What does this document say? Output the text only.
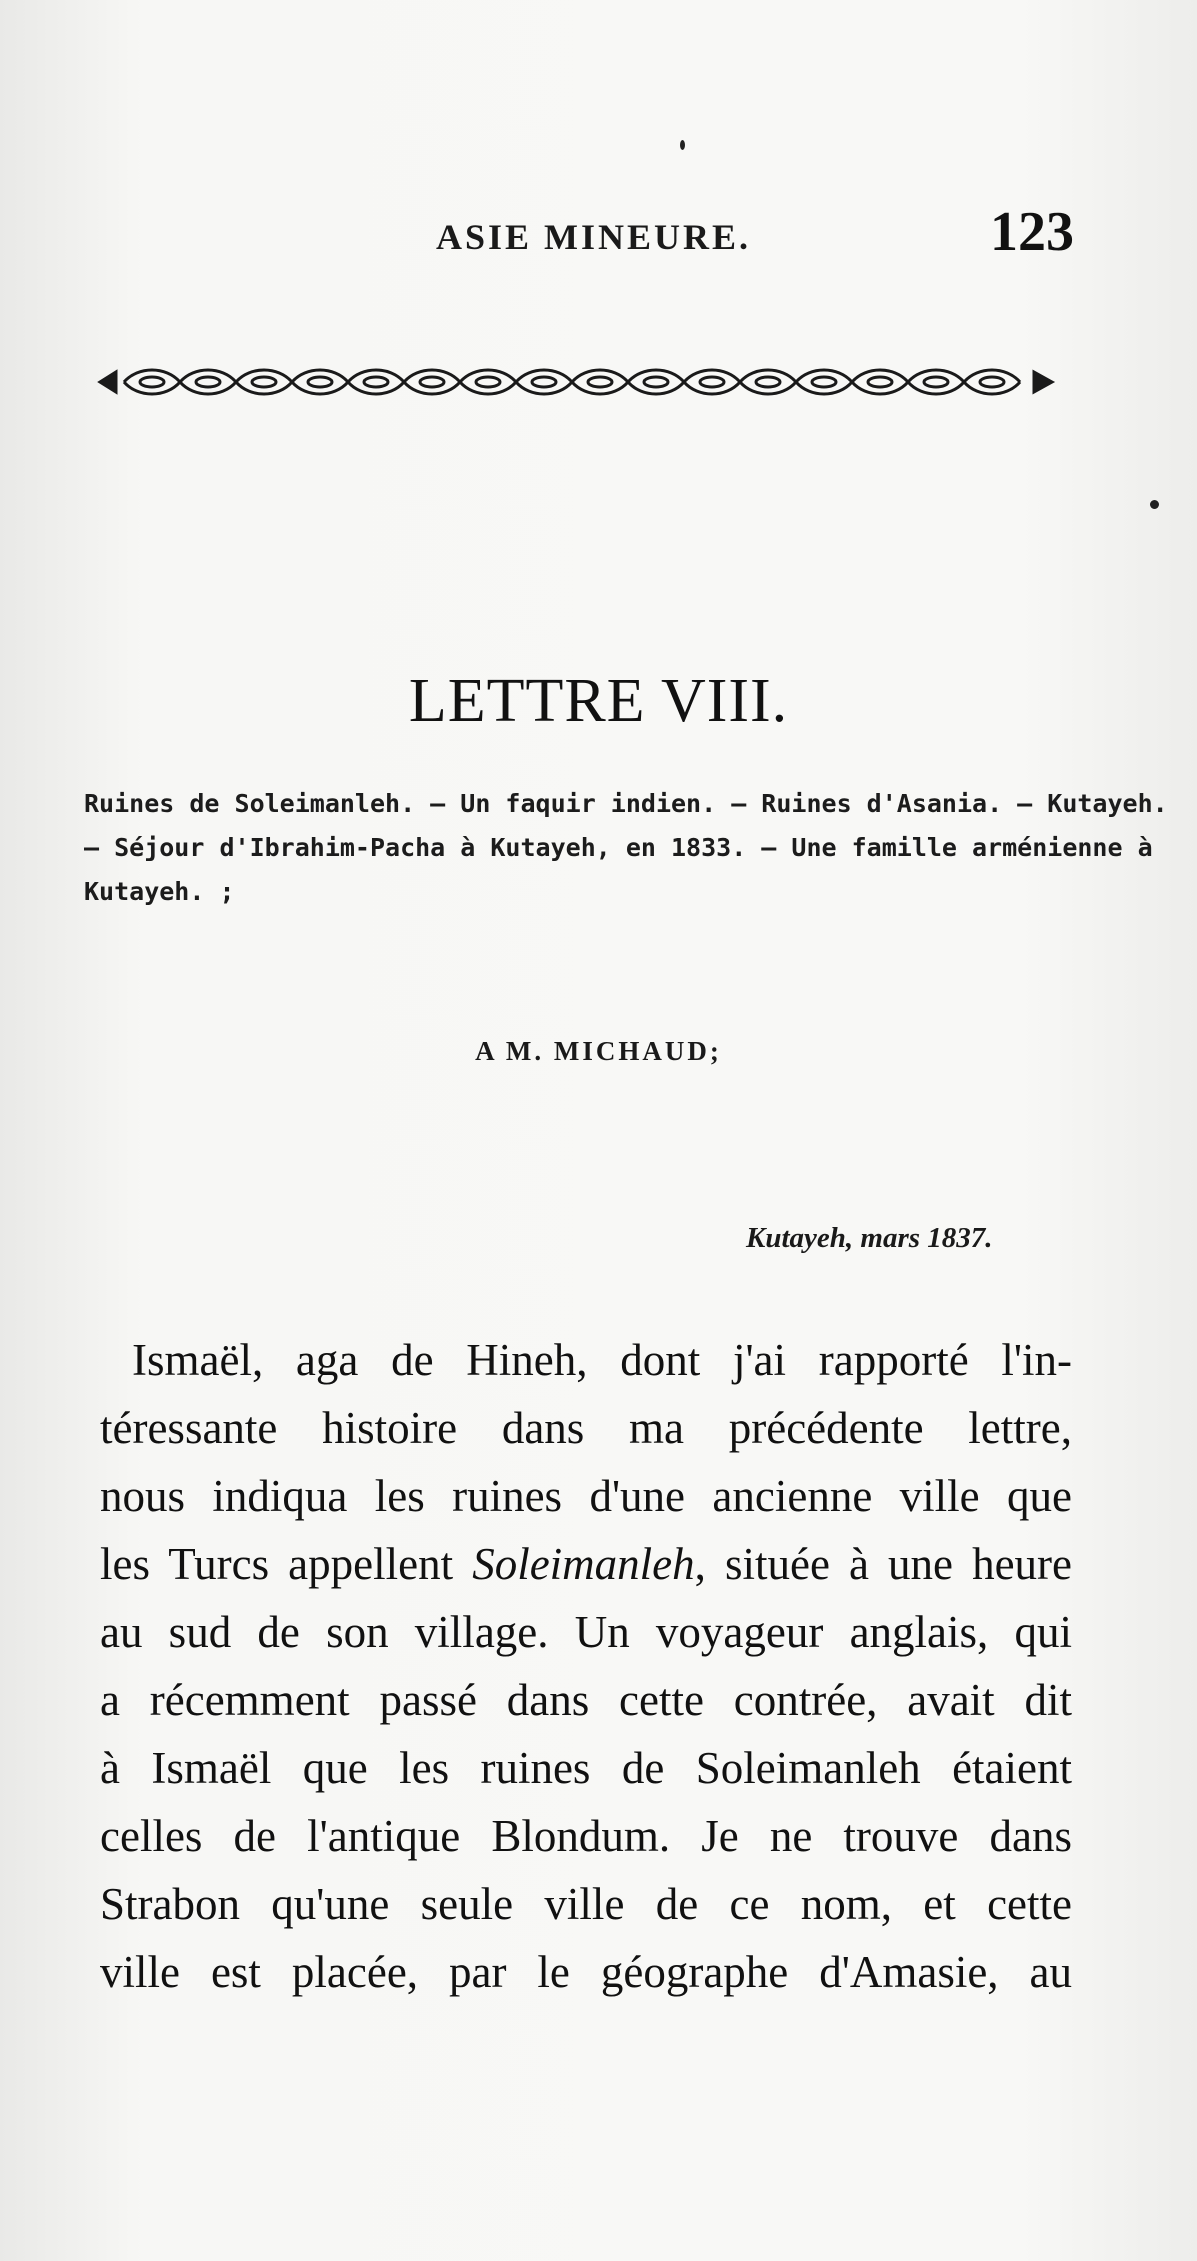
ASIE MINEURE.	123
LETTRE VIII.
Ruines de Soleimanleh. — Un faquir indien. — Ruines d'Asania. — Kutayeh.
— Séjour d'Ibrahim-Pacha à Kutayeh, en 1833. — Une famille arménienne à
Kutayeh. ;
A M. MICHAUD;
Kutayeh, mars 1837.
Ismaël, aga de Hineh, dont j'ai rapporté l'in-
téressante histoire dans ma précédente lettre,
nous indiqua les ruines d'une ancienne ville que
les Turcs appellent Soleimanleh, située à une heure
au sud de son village. Un voyageur anglais, qui
a récemment passé dans cette contrée, avait dit
à Ismaël que les ruines de Soleimanleh étaient
celles de l'antique Blondum. Je ne trouve dans
Strabon qu'une seule ville de ce nom, et cette
ville est placée, par le géographe d'Amasie, au
